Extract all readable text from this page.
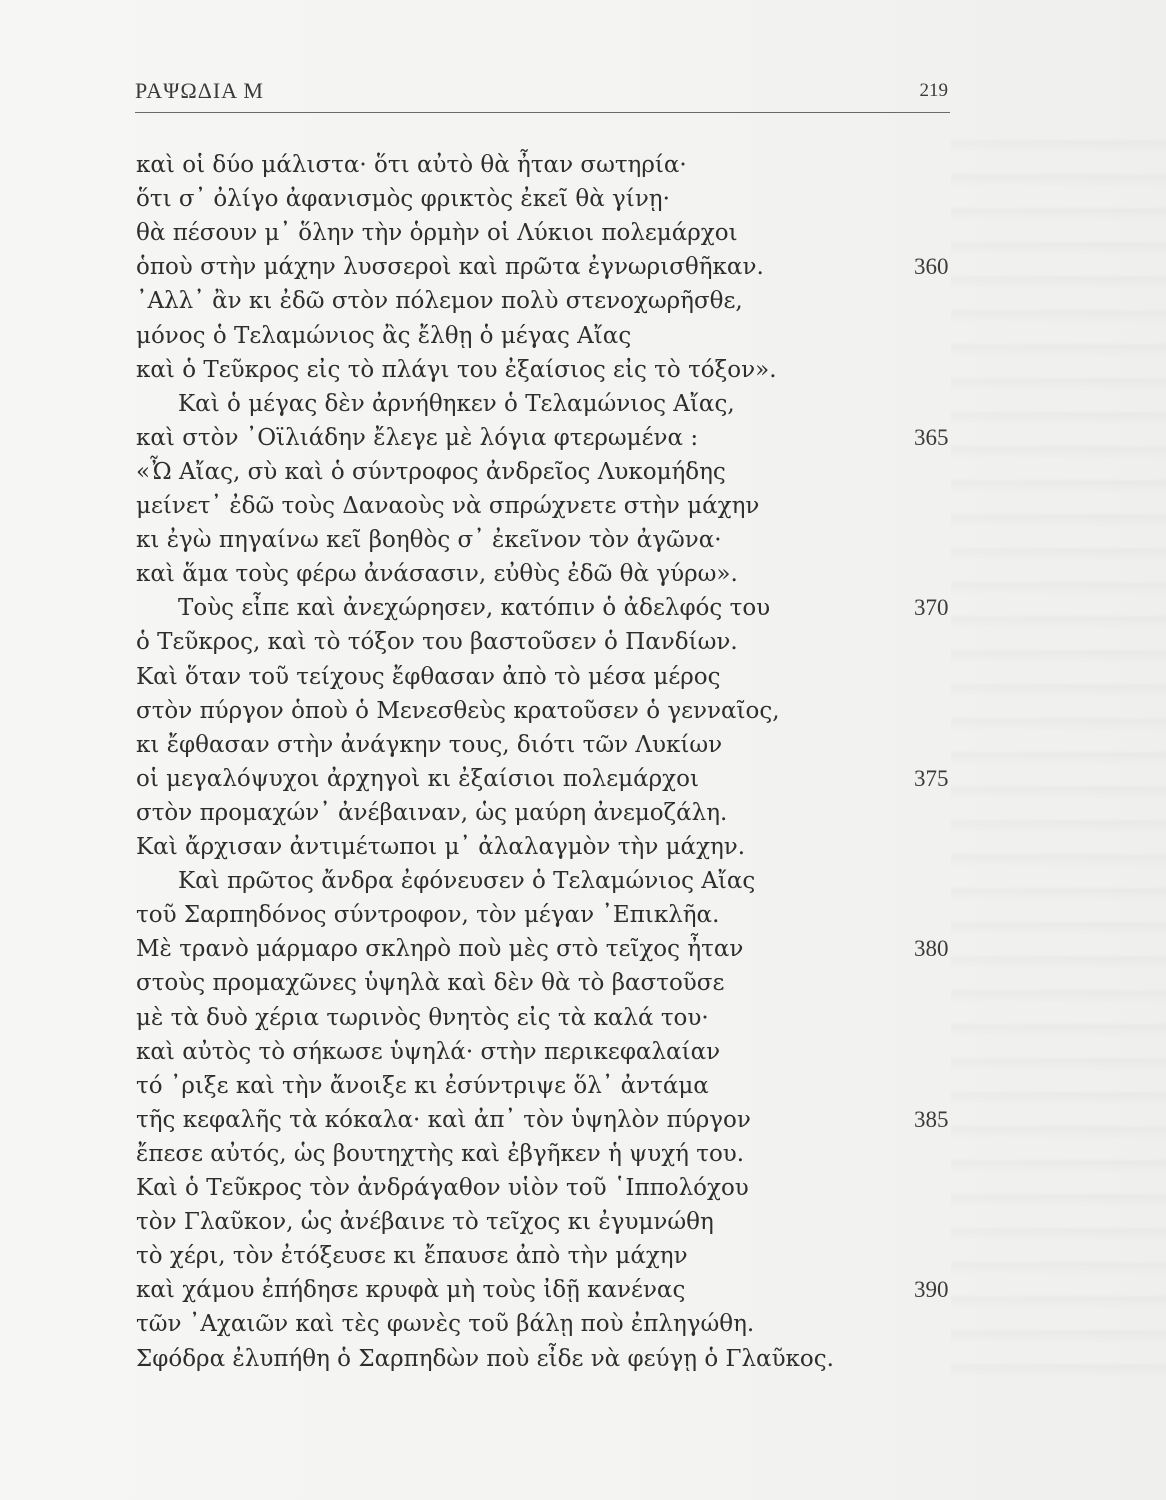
ΡΑΨΩΔΙΑ Μ	219
καὶ οἱ δύο μάλιστα· ὅτι αὐτὸ θὰ ἦταν σωτηρία·
ὅτι σ᾽ ὀλίγο ἀφανισμὸς φρικτὸς ἐκεῖ θὰ γίνῃ·
θὰ πέσουν μ᾽ ὅλην τὴν ὁρμὴν οἱ Λύκιοι πολεμάρχοι
ὁποὺ στὴν μάχην λυσσεροὶ καὶ πρῶτα ἐγνωρισθῆκαν.	360
᾽Αλλ᾽ ἂν κι ἐδῶ στὸν πόλεμον πολὺ στενοχωρῆσθε,
μόνος ὁ Τελαμώνιος ἂς ἔλθῃ ὁ μέγας Αἴας
καὶ ὁ Τεῦκρος εἰς τὸ πλάγι του ἐξαίσιος εἰς τὸ τόξον».
Καὶ ὁ μέγας δὲν ἀρνήθηκεν ὁ Τελαμώνιος Αἴας,
καὶ στὸν ᾽Οϊλιάδην ἔλεγε μὲ λόγια φτερωμένα :	365
«Ὦ Αἴας, σὺ καὶ ὁ σύντροφος ἀνδρεῖος Λυκομήδης
μείνετ᾽ ἐδῶ τοὺς Δαναοὺς νὰ σπρώχνετε στὴν μάχην
κι ἐγὼ πηγαίνω κεῖ βοηθὸς σ᾽ ἐκεῖνον τὸν ἀγῶνα·
καὶ ἅμα τοὺς φέρω ἀνάσασιν, εὐθὺς ἐδῶ θὰ γύρω».
Τοὺς εἶπε καὶ ἀνεχώρησεν, κατόπιν ὁ ἀδελφός του	370
ὁ Τεῦκρος, καὶ τὸ τόξον του βαστοῦσεν ὁ Πανδίων.
Καὶ ὅταν τοῦ τείχους ἔφθασαν ἀπὸ τὸ μέσα μέρος
στὸν πύργον ὁποὺ ὁ Μενεσθεὺς κρατοῦσεν ὁ γενναῖος,
κι ἔφθασαν στὴν ἀνάγκην τους, διότι τῶν Λυκίων
οἱ μεγαλόψυχοι ἀρχηγοὶ κι ἐξαίσιοι πολεμάρχοι	375
στὸν προμαχών᾽ ἀνέβαιναν, ὡς μαύρη ἀνεμοζάλη.
Καὶ ἄρχισαν ἀντιμέτωποι μ᾽ ἀλαλαγμὸν τὴν μάχην.
Καὶ πρῶτος ἄνδρα ἐφόνευσεν ὁ Τελαμώνιος Αἴας
τοῦ Σαρπηδόνος σύντροφον, τὸν μέγαν ᾽Επικλῆα.
Μὲ τρανὸ μάρμαρο σκληρὸ ποὺ μὲς στὸ τεῖχος ἦταν	380
στοὺς προμαχῶνες ὑψηλὰ καὶ δὲν θὰ τὸ βαστοῦσε
μὲ τὰ δυὸ χέρια τωρινὸς θνητὸς εἰς τὰ καλά του·
καὶ αὐτὸς τὸ σήκωσε ὑψηλά· στὴν περικεφαλαίαν
τό ᾽ριξε καὶ τὴν ἄνοιξε κι ἐσύντριψε ὅλ᾽ ἀντάμα
τῆς κεφαλῆς τὰ κόκαλα· καὶ ἀπ᾽ τὸν ὑψηλὸν πύργον	385
ἔπεσε αὐτός, ὡς βουτηχτὴς καὶ ἐβγῆκεν ἡ ψυχή του.
Καὶ ὁ Τεῦκρος τὸν ἀνδράγαθον υἱὸν τοῦ ῾Ιππολόχου
τὸν Γλαῦκον, ὡς ἀνέβαινε τὸ τεῖχος κι ἐγυμνώθη
τὸ χέρι, τὸν ἐτόξευσε κι ἔπαυσε ἀπὸ τὴν μάχην
καὶ χάμου ἐπήδησε κρυφὰ μὴ τοὺς ἰδῇ κανένας	390
τῶν ᾽Αχαιῶν καὶ τὲς φωνὲς τοῦ βάλῃ ποὺ ἐπληγώθη.
Σφόδρα ἐλυπήθη ὁ Σαρπηδὼν ποὺ εἶδε νὰ φεύγῃ ὁ Γλαῦκος.
